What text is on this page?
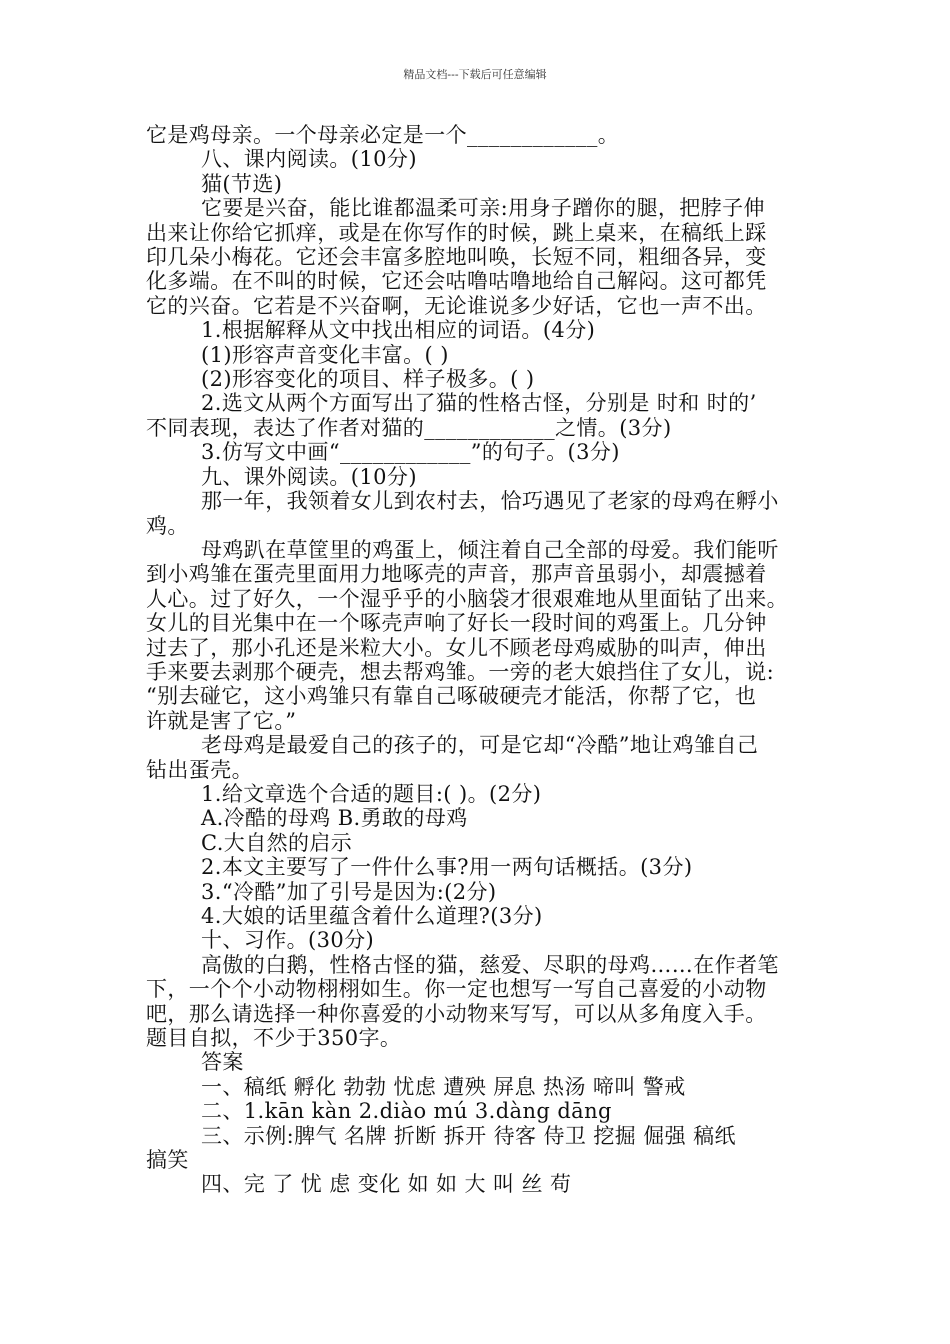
精品文档---下载后可任意编辑
它是鸡母亲。一个母亲必定是一个____________。
八、课内阅读。(10分)
猫(节选)
它要是兴奋，能比谁都温柔可亲:用身子蹭你的腿，把脖子伸
出来让你给它抓痒，或是在你写作的时候，跳上桌来，在稿纸上踩
印几朵小梅花。它还会丰富多腔地叫唤，长短不同，粗细各异，变
化多端。在不叫的时候，它还会咕噜咕噜地给自己解闷。这可都凭
它的兴奋。它若是不兴奋啊，无论谁说多少好话，它也一声不出。
1.根据解释从文中找出相应的词语。(4分)
(1)形容声音变化丰富。( )
(2)形容变化的项目、样子极多。( )
2.选文从两个方面写出了猫的性格古怪，分别是 时和 时的’
不同表现，表达了作者对猫的____________之情。(3分)
3.仿写文中画“____________”的句子。(3分)
九、课外阅读。(10分)
那一年，我领着女儿到农村去，恰巧遇见了老家的母鸡在孵小
鸡。
母鸡趴在草筐里的鸡蛋上，倾注着自己全部的母爱。我们能听
到小鸡雏在蛋壳里面用力地啄壳的声音，那声音虽弱小，却震撼着
人心。过了好久，一个湿乎乎的小脑袋才很艰难地从里面钻了出来。
女儿的目光集中在一个啄壳声响了好长一段时间的鸡蛋上。几分钟
过去了，那小孔还是米粒大小。女儿不顾老母鸡威胁的叫声，伸出
手来要去剥那个硬壳，想去帮鸡雏。一旁的老大娘挡住了女儿，说:
“别去碰它，这小鸡雏只有靠自己啄破硬壳才能活，你帮了它，也
许就是害了它。”
老母鸡是最爱自己的孩子的，可是它却“冷酷”地让鸡雏自己
钻出蛋壳。
1.给文章选个合适的题目:( )。(2分)
A.冷酷的母鸡 B.勇敢的母鸡
C.大自然的启示
2.本文主要写了一件什么事?用一两句话概括。(3分)
3.“冷酷”加了引号是因为:(2分)
4.大娘的话里蕴含着什么道理?(3分)
十、习作。(30分)
高傲的白鹅，性格古怪的猫，慈爱、尽职的母鸡……在作者笔
下，一个个小动物栩栩如生。你一定也想写一写自己喜爱的小动物
吧，那么请选择一种你喜爱的小动物来写写，可以从多角度入手。
题目自拟，不少于350字。
答案
一、稿纸 孵化 勃勃 忧虑 遭殃 屏息 热汤 啼叫 警戒
二、1.kān kàn 2.diào mú 3.dàng dāng
三、示例:脾气 名牌 折断 拆开 待客 侍卫 挖掘 倔强 稿纸
搞笑
四、完 了 忧 虑 变化 如 如 大 叫 丝 苟
